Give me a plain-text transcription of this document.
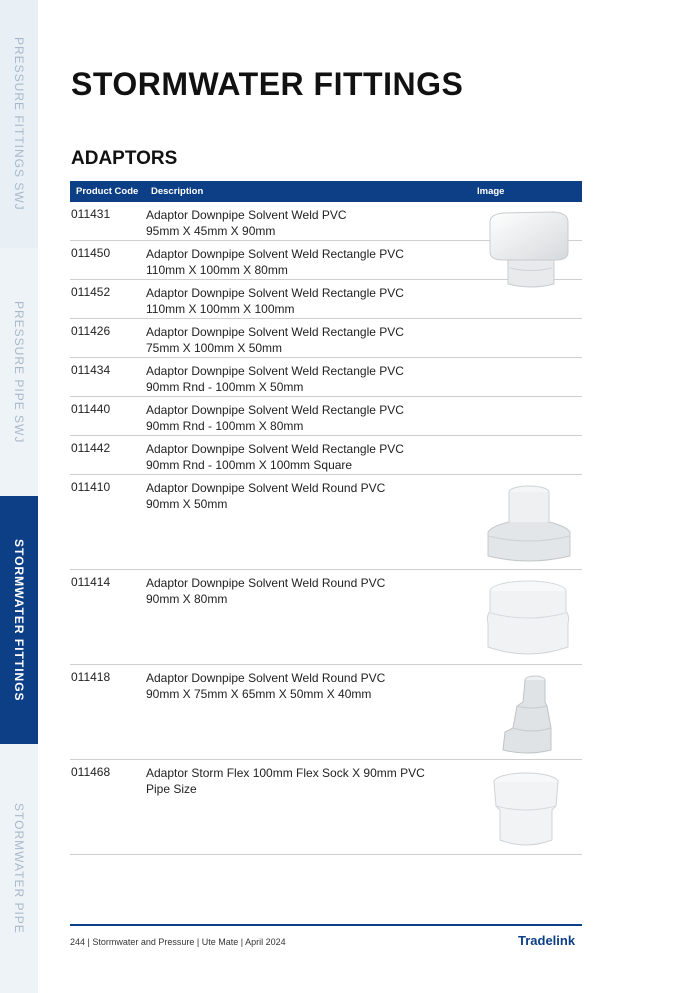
PRESSURE FITTINGS SWJ
PRESSURE PIPE SWJ
STORMWATER FITTINGS
STORMWATER PIPE
STORMWATER FITTINGS
ADAPTORS
Product Code Description	Image
011431	Adaptor Downpipe Solvent Weld PVC
95mm X 45mm X 90mm
011450	Adaptor Downpipe Solvent Weld Rectangle PVC
110mm X 100mm X 80mm
011452	Adaptor Downpipe Solvent Weld Rectangle PVC
110mm X 100mm X 100mm
011426	Adaptor Downpipe Solvent Weld Rectangle PVC
75mm X 100mm X 50mm
011434	Adaptor Downpipe Solvent Weld Rectangle PVC
90mm Rnd - 100mm X 50mm
011440	Adaptor Downpipe Solvent Weld Rectangle PVC
90mm Rnd - 100mm X 80mm
011442	Adaptor Downpipe Solvent Weld Rectangle PVC
90mm Rnd - 100mm X 100mm Square
011410	Adaptor Downpipe Solvent Weld Round PVC
90mm X 50mm
011414	Adaptor Downpipe Solvent Weld Round PVC
90mm X 80mm
011418	Adaptor Downpipe Solvent Weld Round PVC
90mm X 75mm X 65mm X 50mm X 40mm
011468	Adaptor Storm Flex 100mm Flex Sock X 90mm PVC
Pipe Size
244 | Stormwater and Pressure | Ute Mate | April 2024	Tradelink
